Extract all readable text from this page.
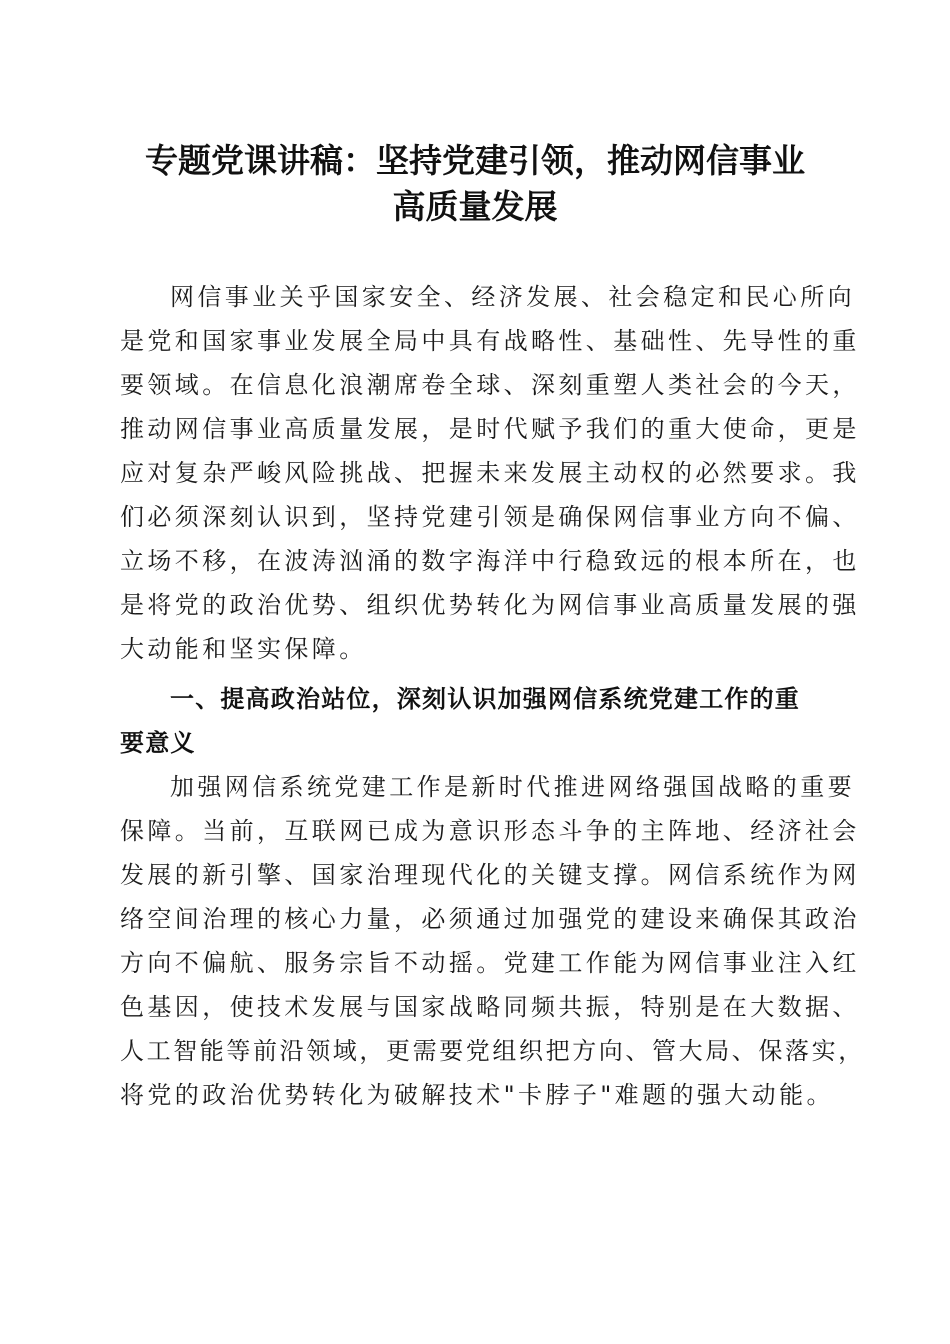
专题党课讲稿：坚持党建引领，推动网信事业
高质量发展
网信事业关乎国家安全、经济发展、社会稳定和民心所向
是党和国家事业发展全局中具有战略性、基础性、先导性的重
要领域。在信息化浪潮席卷全球、深刻重塑人类社会的今天，
推动网信事业高质量发展，是时代赋予我们的重大使命，更是
应对复杂严峻风险挑战、把握未来发展主动权的必然要求。我
们必须深刻认识到，坚持党建引领是确保网信事业方向不偏、
立场不移，在波涛汹涌的数字海洋中行稳致远的根本所在，也
是将党的政治优势、组织优势转化为网信事业高质量发展的强
大动能和坚实保障。
一、提高政治站位，深刻认识加强网信系统党建工作的重
要意义
加强网信系统党建工作是新时代推进网络强国战略的重要
保障。当前，互联网已成为意识形态斗争的主阵地、经济社会
发展的新引擎、国家治理现代化的关键支撑。网信系统作为网
络空间治理的核心力量，必须通过加强党的建设来确保其政治
方向不偏航、服务宗旨不动摇。党建工作能为网信事业注入红
色基因，使技术发展与国家战略同频共振，特别是在大数据、
人工智能等前沿领域，更需要党组织把方向、管大局、保落实，
将党的政治优势转化为破解技术"卡脖子"难题的强大动能。
